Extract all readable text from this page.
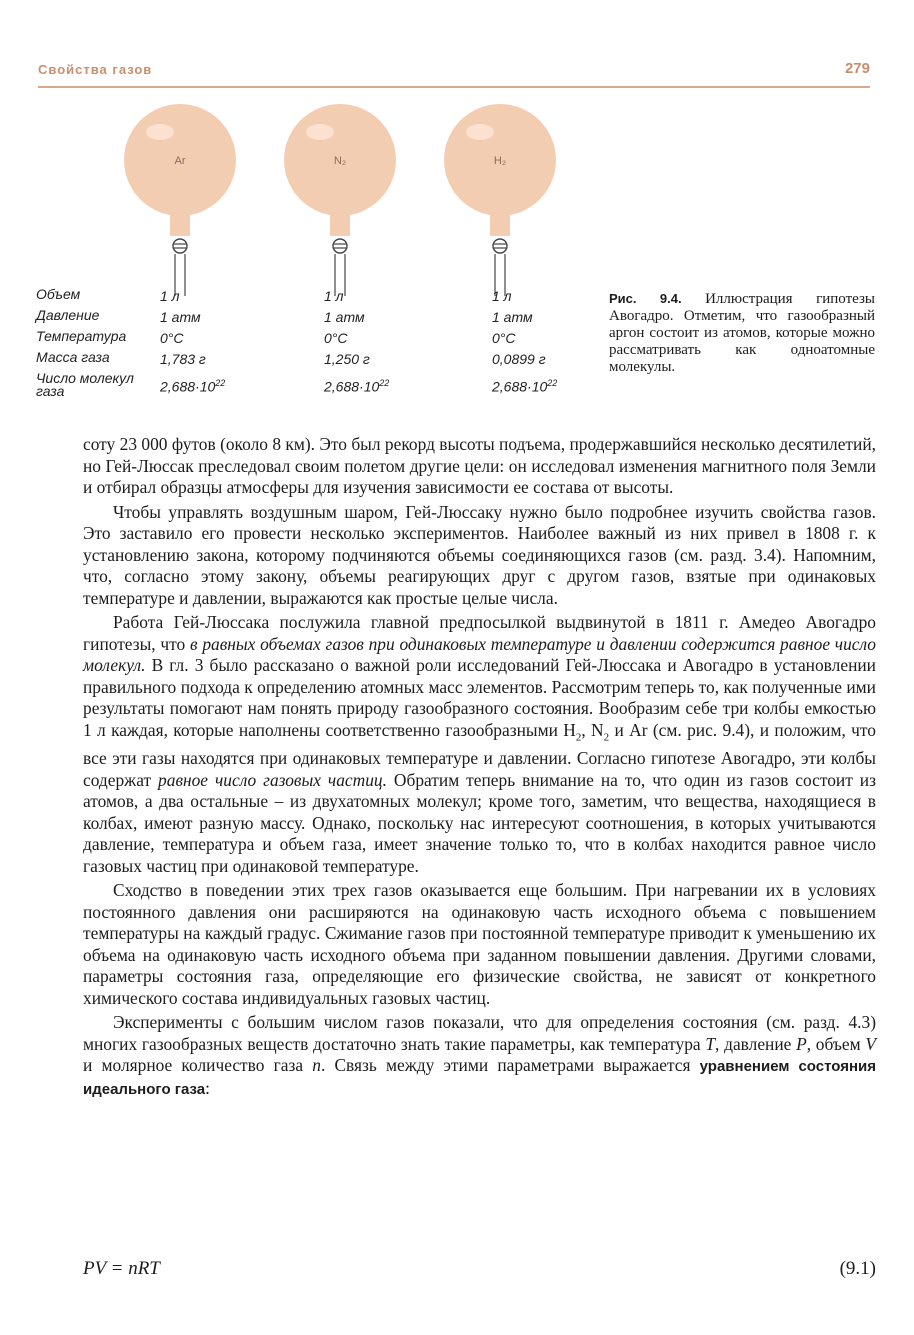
Свойства газов	279
Ar	N₂	H₂
Объем	1 л	1 л	1 л
Давление	1 атм	1 атм	1 атм
Температура	0°С	0°С	0°С
Масса газа	1,783 г	1,250 г	0,0899 г
Число молекул
газа	$2,688\cdot 10^{22}$	$2,688\cdot 10^{22}$	$2,688\cdot 10^{22}$
Рис. 9.4. Иллюстрация гипотезы Авогадро. Отметим, что газообразный аргон состоит из атомов, которые можно рассматривать как одноатомные молекулы.

соту 23 000 футов (около 8 км). Это был рекорд высоты подъема, продержавшийся несколько десятилетий, но Гей-Люссак преследовал своим полетом другие цели: он исследовал изменения магнитного поля Земли и отбирал образцы атмосферы для изучения зависимости ее состава от высоты.

Чтобы управлять воздушным шаром, Гей-Люссаку нужно было подробнее изучить свойства газов. Это заставило его провести несколько экспериментов. Наиболее важный из них привел в 1808 г. к установлению закона, которому подчиняются объемы соединяющихся газов (см. разд. 3.4). Напомним, что, согласно этому закону, объемы реагирующих друг с другом газов, взятые при одинаковых температуре и давлении, выражаются как простые целые числа.

Работа Гей-Люссака послужила главной предпосылкой выдвинутой в 1811 г. Амедео Авогадро гипотезы, что в равных объемах газов при одинаковых температуре и давлении содержится равное число молекул. В гл. 3 было рассказано о важной роли исследований Гей-Люссака и Авогадро в установлении правильного подхода к определению атомных масс элементов. Рассмотрим теперь то, как полученные ими результаты помогают нам понять природу газообразного состояния. Вообразим себе три колбы емкостью 1 л каждая, которые наполнены соответственно газообразными $H_2$, $N_2$ и Ar (см. рис. 9.4), и положим, что все эти газы находятся при одинаковых температуре и давлении. Согласно гипотезе Авогадро, эти колбы содержат равное число газовых частиц. Обратим теперь внимание на то, что один из газов состоит из атомов, а два остальные – из двухатомных молекул; кроме того, заметим, что вещества, находящиеся в колбах, имеют разную массу. Однако, поскольку нас интересуют соотношения, в которых учитываются давление, температура и объем газа, имеет значение только то, что в колбах находится равное число газовых частиц при одинаковой температуре.

Сходство в поведении этих трех газов оказывается еще большим. При нагревании их в условиях постоянного давления они расширяются на одинаковую часть исходного объема с повышением температуры на каждый градус. Сжимание газов при постоянной температуре приводит к уменьшению их объема на одинаковую часть исходного объема при заданном повышении давления. Другими словами, параметры состояния газа, определяющие его физические свойства, не зависят от конкретного химического состава индивидуальных газовых частиц.

Эксперименты с большим числом газов показали, что для определения состояния (см. разд. 4.3) многих газообразных веществ достаточно знать такие параметры, как температура T, давление P, объем V и молярное количество газа n. Связь между этими параметрами выражается уравнением состояния идеального газа:

PV = nRT	(9.1)
